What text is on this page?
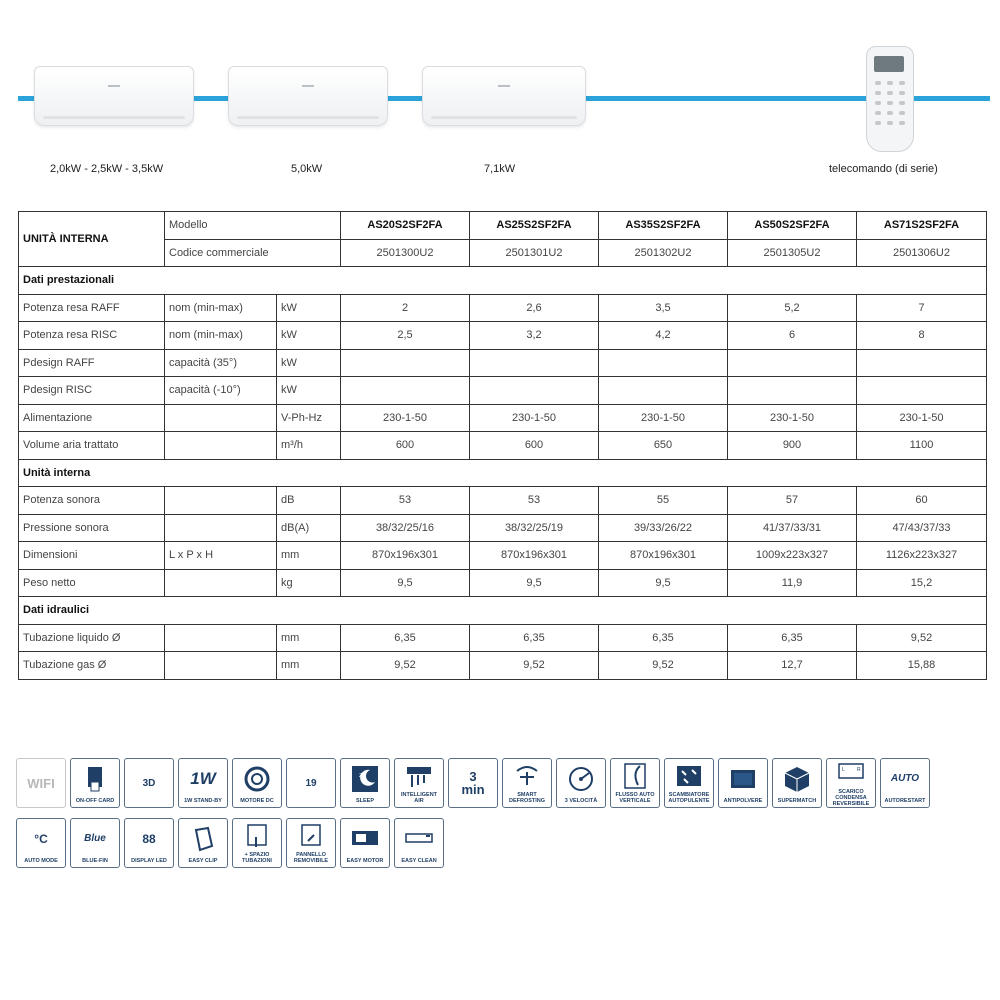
2,0kW - 2,5kW - 3,5kW	5,0kW	7,1kW	telecomando (di serie)
UNITÀ INTERNA	Modello		AS20S2SF2FA	AS25S2SF2FA	AS35S2SF2FA	AS50S2SF2FA	AS71S2SF2FA
	Codice commerciale		2501300U2	2501301U2	2501302U2	2501305U2	2501306U2
Dati prestazionali							
Potenza resa RAFF	nom (min-max)	kW	2	2,6	3,5	5,2	7
Potenza resa RISC	nom (min-max)	kW	2,5	3,2	4,2	6	8
Pdesign RAFF	capacità (35°)	kW					
Pdesign RISC	capacità (-10°)	kW					
Alimentazione		V-Ph-Hz	230-1-50	230-1-50	230-1-50	230-1-50	230-1-50
Volume aria trattato		m³/h	600	600	650	900	1100
Unità interna							
Potenza sonora		dB	53	53	55	57	60
Pressione sonora		dB(A)	38/32/25/16	38/32/25/19	39/33/26/22	41/37/33/31	47/43/37/33
Dimensioni	L x P x H	mm	870x196x301	870x196x301	870x196x301	1009x223x327	1126x223x327
Peso netto		kg	9,5	9,5	9,5	11,9	15,2
Dati idraulici							
Tubazione liquido Ø		mm	6,35	6,35	6,35	6,35	9,52
Tubazione gas Ø		mm	9,52	9,52	9,52	12,7	15,88
WIFI
ON-OFF CARD
3D 1W
1W STAND-BY	MOTORE DC
19
z
SLEEP
INTELLIGENT AIR
3 min	SMART DEFROSTING	3 VELOCITÀ
FLUSSO AUTO VERTICALE
SCAMBIATORE AUTOPULENTE	ANTIPOLVERE	SUPERMATCH
L R
SCARICO CONDENSA REVERSIBILE
AUTO
AUTORESTART
°C
AUTO MODE
Blue
BLUE-FIN
88
DISPLAY LED	EASY CLIP
+ SPAZIO TUBAZIONI
PANNELLO REMOVIBILE	EASY MOTOR	EASY CLEAN
